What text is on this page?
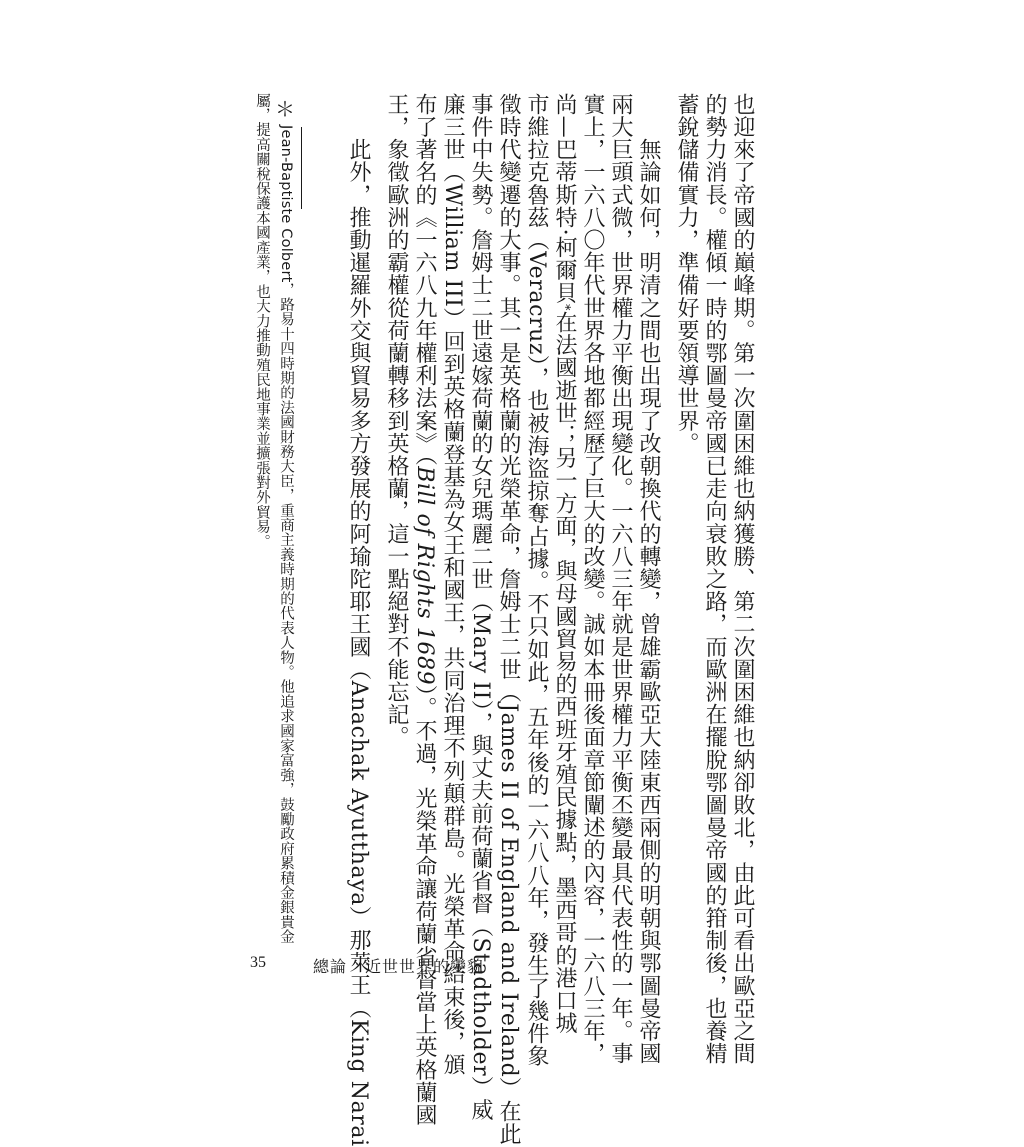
也迎來了帝國的巔峰期。第一次圍困維也納獲勝、第二次圍困維也納卻敗北，由此可看出歐亞之間
的勢力消長。權傾一時的鄂圖曼帝國已走向衰敗之路，而歐洲在擺脫鄂圖曼帝國的箝制後，也養精
蓄銳儲備實力，準備好要領導世界。
　　無論如何，明清之間也出現了改朝換代的轉變，曾雄霸歐亞大陸東西兩側的明朝與鄂圖曼帝國
兩大巨頭式微，世界權力平衡出現變化。一六八三年就是世界權力平衡丕變最具代表性的一年。事
實上，一六八〇年代世界各地都經歷了巨大的改變。誠如本冊後面章節闡述的內容，一六八三年，
尚—巴蒂斯特·柯爾貝*在法國逝世；另一方面，與母國貿易的西班牙殖民據點，墨西哥的港口城
市維拉克魯茲（Veracruz），也被海盜掠奪占據。不只如此，五年後的一六八八年，發生了幾件象
徵時代變遷的大事。其一是英格蘭的光榮革命，詹姆士二世（James II of England and Ireland）在此
事件中失勢。詹姆士二世遠嫁荷蘭的女兒瑪麗二世（Mary II），與丈夫前荷蘭省督（Stadtholder）威
廉三世（William III）回到英格蘭登基為女王和國王，共同治理不列顛群島。光榮革命結束後，頒
布了著名的《一六八九年權利法案》（Bill of Rights 1689）。不過，光榮革命讓荷蘭省督當上英格蘭國
王，象徵歐洲的霸權從荷蘭轉移到英格蘭，這一點絕對不能忘記。
　　此外，推動暹羅外交與貿易多方發展的阿瑜陀耶王國（Anachak Ayutthaya）那萊王（King Narai
＊
Jean-Baptiste Colbert，路易十四時期的法國財務大臣，重商主義時期的代表人物。他追求國家富強，鼓勵政府累積金銀貴金
屬，提高關稅保護本國產業，也大力推動殖民地事業並擴張對外貿易。
35	總論 近世世界的變貌
